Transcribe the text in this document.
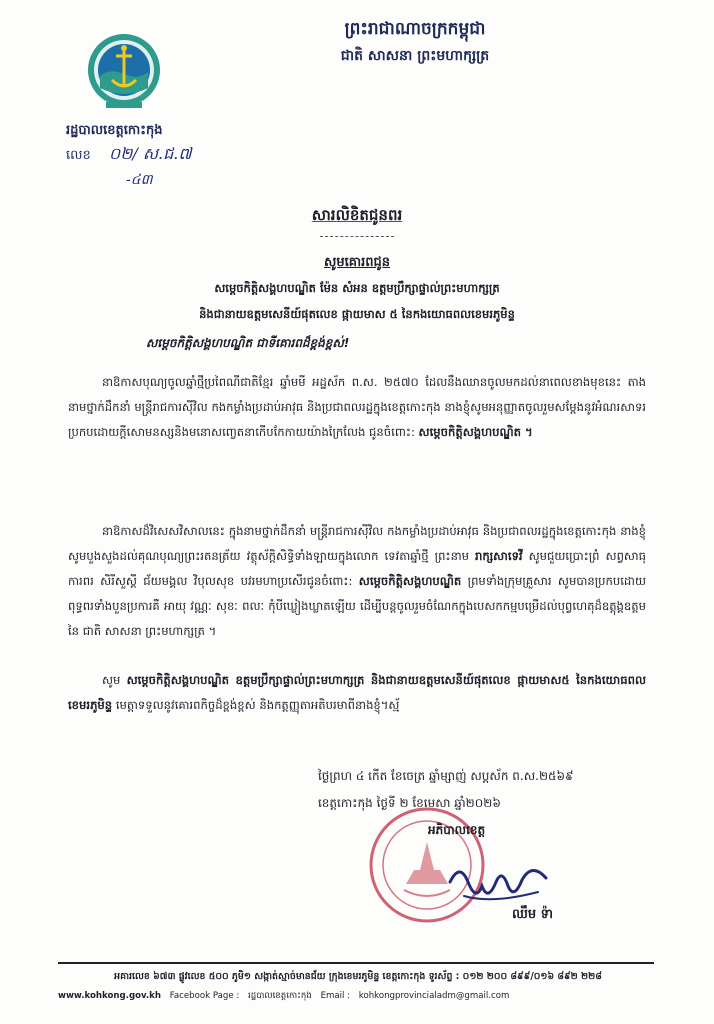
ព្រះរាជាណាចក្រកម្ពុជា
ជាតិ សាសនា ព្រះមហាក្សត្រ
រដ្ឋបាលខេត្តកោះកុង
លេខ ០២/ ស.ជ.៧
-៤៣
សារលិខិតជូនពរ
សូមគោរពជូន
សម្តេចកិត្តិសង្គហបណ្ឌិត ម៉ែន សំអន ឧត្តមប្រឹក្សាផ្ទាល់ព្រះមហាក្សត្រ
និងជានាយឧត្តមសេនីយ៍ផុតលេខ ផ្កាយមាស ៥ នៃកងយោធពលខេមរភូមិន្ទ
សម្តេចកិត្តិសង្គហបណ្ឌិត ជាទីគោរពដ៏ខ្ពង់ខ្ពស់!
នាឱកាសបុណ្យចូលឆ្នាំថ្មីប្រពៃណីជាតិខ្មែរ ឆ្នាំមមី អដ្ឋស័ក ព.ស. ២៥៧០ ដែលនឹងឈានចូលមកដល់នាពេលខាងមុខនេះ តាងនាមថ្នាក់ដឹកនាំ មន្ត្រីរាជការស៊ីវិល កងកម្លាំងប្រដាប់អាវុធ និងប្រជាពលរដ្ឋក្នុងខេត្តកោះកុង នាងខ្ញុំសូមអនុញ្ញាតចូលរួមសម្តែងនូវអំណរសាទរ ប្រកបដោយក្តីសោមនស្សនិងមនោសញ្ចេតនាកើបកែកាយយ៉ាងក្រៃលែង ជូនចំពោះ: សម្តេចកិត្តិសង្គហបណ្ឌិត ។
នាឱកាសដ៏វិសេសវិសាលនេះ ក្នុងនាមថ្នាក់ដឹកនាំ មន្ត្រីរាជការស៊ីវិល កងកម្លាំងប្រដាប់អាវុធ និងប្រជាពលរដ្ឋក្នុងខេត្តកោះកុង នាងខ្ញុំសូមបួងសួងដល់គុណបុណ្យព្រះរតនត្រ័យ វត្ថុស័ក្តិសិទ្ធិទាំងឡាយក្នុងលោក ទេវតាឆ្នាំថ្មី ព្រះនាម រាក្សសាទេវី សូមជួយប្រោះព្រំ សព្វសាធុការពរ សិរីសួស្តី ជ័យមង្គល វិបុលសុខ បវរមហាប្រសើរជូនចំពោះ: សម្តេចកិត្តិសង្គហបណ្ឌិត ព្រមទាំងក្រុមគ្រួសារ សូមបានប្រកបដោយពុទ្ធពរទាំងបួនប្រការគឺ អាយុ វណ្ណៈ សុខៈ ពលៈ កុំបីឃ្លៀងឃ្លាតឡើយ ដើម្បីបន្តចូលរួមចំណែកក្នុងបេសកកម្មបម្រើដល់បុព្វហេតុដ៏ឧត្តុង្គឧត្តមនៃ ជាតិ សាសនា ព្រះមហាក្សត្រ ។
សូម សម្តេចកិត្តិសង្គហបណ្ឌិត ឧត្តមប្រឹក្សាផ្ទាល់ព្រះមហាក្សត្រ និងជានាយឧត្តមសេនីយ៍ផុតលេខ ផ្កាយមាស៥ នៃកងយោធពលខេមរភូមិន្ទ មេត្តាទទួលនូវគោរពកិច្ចដ៏ខ្ពង់ខ្ពស់ និងកត្តញ្ញុតាអតិបរមាពីនាងខ្ញុំ។ស្ម័
ថ្ងៃព្រហ ៤ កើត ខែចេត្រ ឆ្នាំម្សាញ់ សប្តស័ក ព.ស.២៥៦៩
ខេត្តកោះកុង ថ្ងៃទី ២ ខែមេសា ឆ្នាំ២០២៦
អភិបាលខេត្ត
ឈឹម ទ៉ា
អគារលេខ ៦៧៣ ផ្លូវលេខ ៥០០ ភូមិ១ សង្កាត់ស្មាច់មានជ័យ ក្រុងខេមរភូមិន្ទ ខេត្តកោះកុង ទូរស័ព្ទ : ០១២ ២០០ ៨៩៩/០១៦ ៨៩២ ២២៨
www.kohkong.gov.kh Facebook Page : រដ្ឋបាលខេត្តកោះកុង Email : kohkongprovincialadm@gmail.com
